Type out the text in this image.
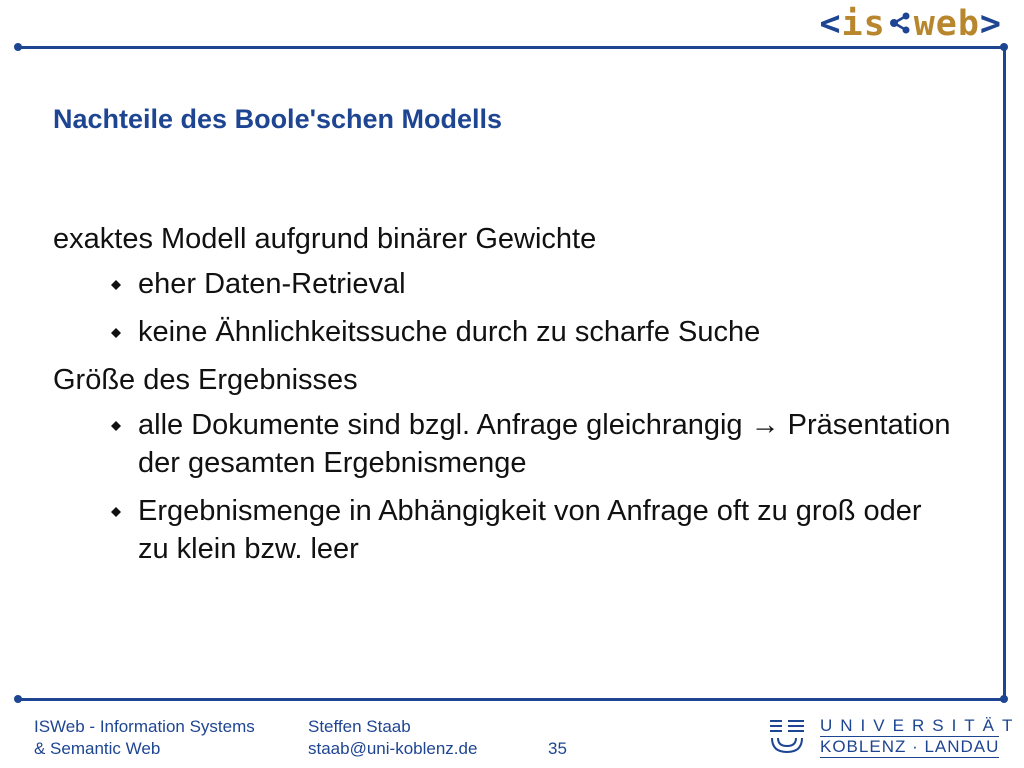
< is web >
Nachteile des Boole'schen Modells
exaktes Modell aufgrund binärer Gewichte
eher Daten-Retrieval
keine Ähnlichkeitssuche durch zu scharfe Suche
Größe des Ergebnisses
alle Dokumente sind bzgl. Anfrage gleichrangig → Präsentation der gesamten Ergebnismenge
Ergebnismenge in Abhängigkeit von Anfrage oft zu groß oder zu klein bzw. leer
ISWeb - Information Systems
& Semantic Web
Steffen Staab
staab@uni-koblenz.de	35
UNIVERSITÄT
KOBLENZ · LANDAU
